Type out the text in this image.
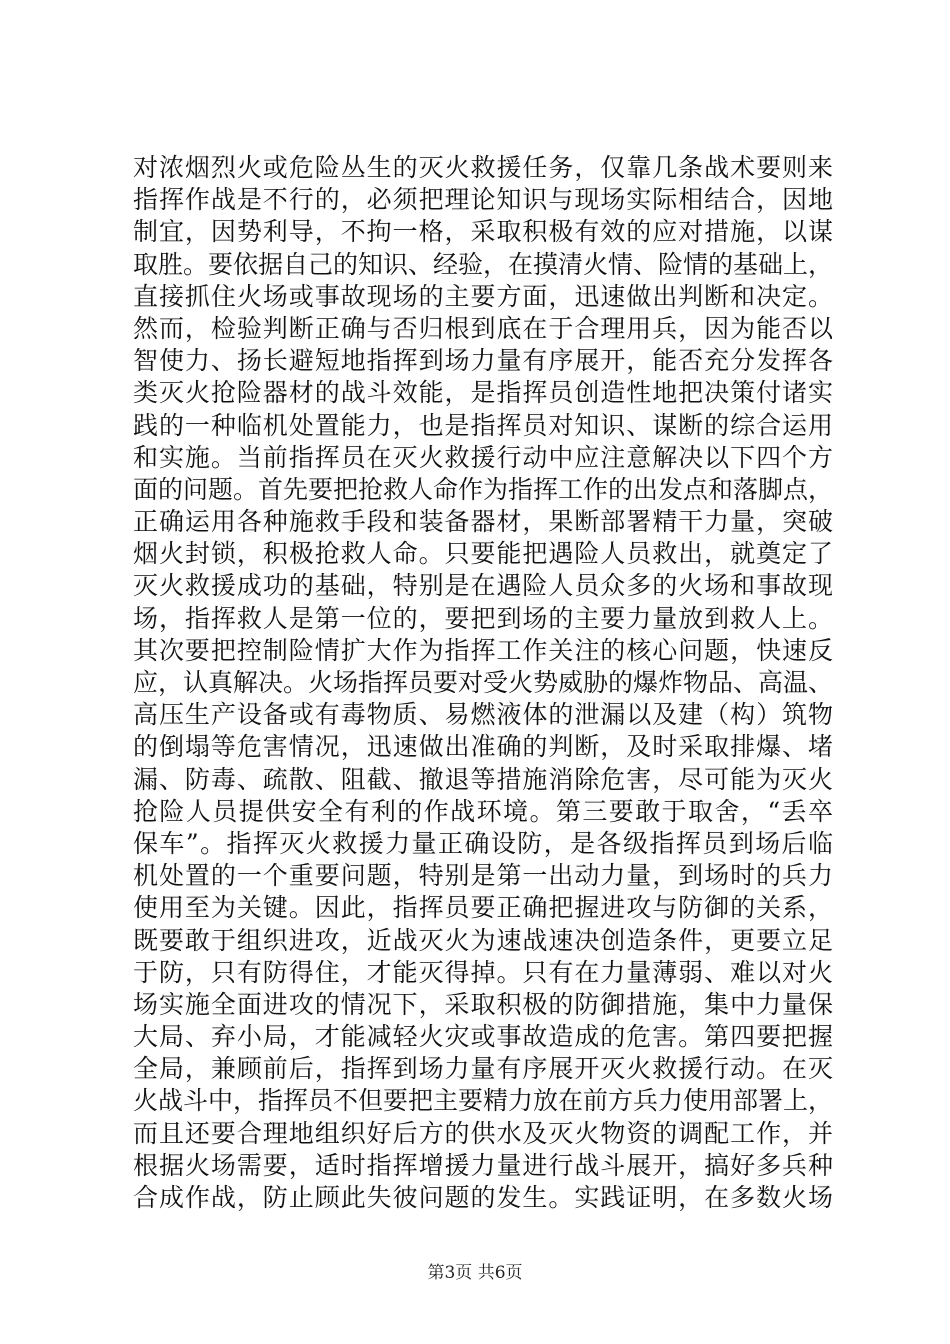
对浓烟烈火或危险丛生的灭火救援任务，仅靠几条战术要则来
指挥作战是不行的，必须把理论知识与现场实际相结合，因地
制宜，因势利导，不拘一格，采取积极有效的应对措施，以谋
取胜。要依据自己的知识、经验，在摸清火情、险情的基础上，
直接抓住火场或事故现场的主要方面，迅速做出判断和决定。
然而，检验判断正确与否归根到底在于合理用兵，因为能否以
智使力、扬长避短地指挥到场力量有序展开，能否充分发挥各
类灭火抢险器材的战斗效能，是指挥员创造性地把决策付诸实
践的一种临机处置能力，也是指挥员对知识、谋断的综合运用
和实施。当前指挥员在灭火救援行动中应注意解决以下四个方
面的问题。首先要把抢救人命作为指挥工作的出发点和落脚点，
正确运用各种施救手段和装备器材，果断部署精干力量，突破
烟火封锁，积极抢救人命。只要能把遇险人员救出，就奠定了
灭火救援成功的基础，特别是在遇险人员众多的火场和事故现
场，指挥救人是第一位的，要把到场的主要力量放到救人上。
其次要把控制险情扩大作为指挥工作关注的核心问题，快速反
应，认真解决。火场指挥员要对受火势威胁的爆炸物品、高温、
高压生产设备或有毒物质、易燃液体的泄漏以及建（构）筑物
的倒塌等危害情况，迅速做出准确的判断，及时采取排爆、堵
漏、防毒、疏散、阻截、撤退等措施消除危害，尽可能为灭火
抢险人员提供安全有利的作战环境。第三要敢于取舍，“丢卒
保车”。指挥灭火救援力量正确设防，是各级指挥员到场后临
机处置的一个重要问题，特别是第一出动力量，到场时的兵力
使用至为关键。因此，指挥员要正确把握进攻与防御的关系，
既要敢于组织进攻，近战灭火为速战速决创造条件，更要立足
于防，只有防得住，才能灭得掉。只有在力量薄弱、难以对火
场实施全面进攻的情况下，采取积极的防御措施，集中力量保
大局、弃小局，才能减轻火灾或事故造成的危害。第四要把握
全局，兼顾前后，指挥到场力量有序展开灭火救援行动。在灭
火战斗中，指挥员不但要把主要精力放在前方兵力使用部署上，
而且还要合理地组织好后方的供水及灭火物资的调配工作，并
根据火场需要，适时指挥增援力量进行战斗展开，搞好多兵种
合成作战，防止顾此失彼问题的发生。实践证明，在多数火场
第3页 共6页
